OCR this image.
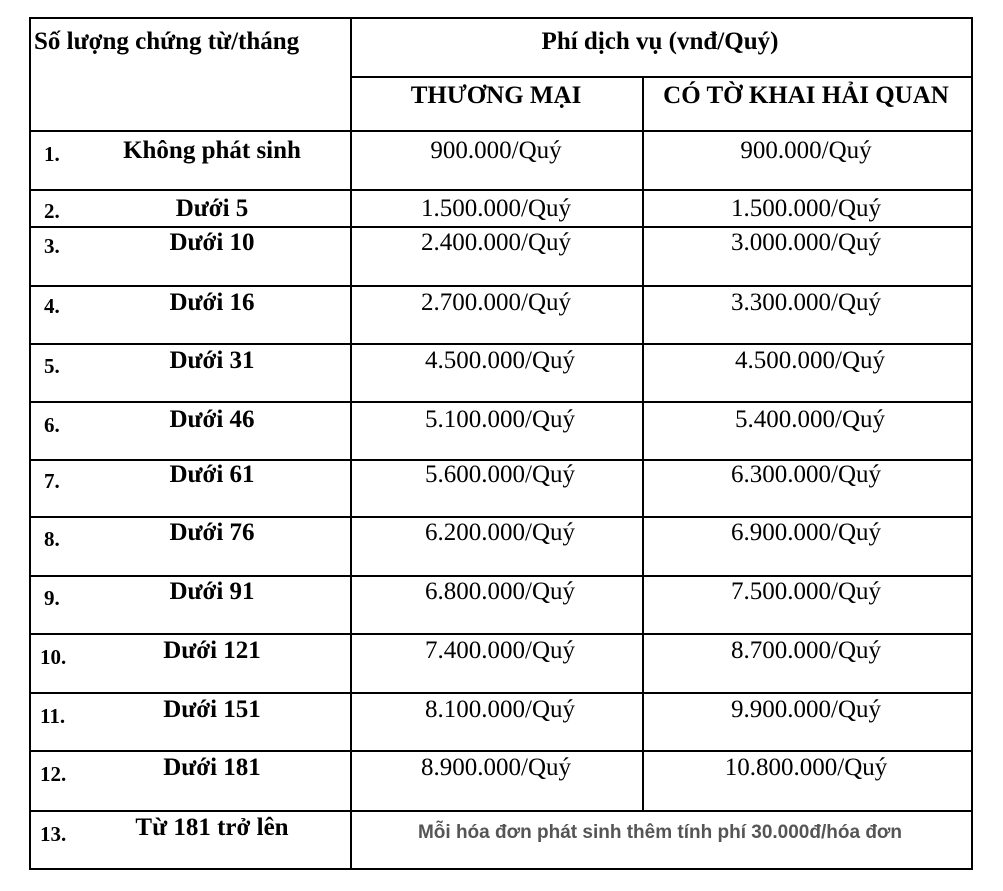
Số lượng chứng từ/tháng	Phí dịch vụ (vnđ/Quý)
THƯƠNG MẠI	CÓ TỜ KHAI HẢI QUAN
1.	Không phát sinh	900.000/Quý	900.000/Quý
2.	Dưới 5	1.500.000/Quý	1.500.000/Quý
3.	Dưới 10	2.400.000/Quý	3.000.000/Quý
4.	Dưới 16	2.700.000/Quý	3.300.000/Quý
5.	Dưới 31	4.500.000/Quý	4.500.000/Quý
6.	Dưới 46	5.100.000/Quý	5.400.000/Quý
7.	Dưới 61	5.600.000/Quý	6.300.000/Quý
8.	Dưới 76	6.200.000/Quý	6.900.000/Quý
9.	Dưới 91	6.800.000/Quý	7.500.000/Quý
10.	Dưới 121	7.400.000/Quý	8.700.000/Quý
11.	Dưới 151	8.100.000/Quý	9.900.000/Quý
12.	Dưới 181	8.900.000/Quý	10.800.000/Quý
13.	Từ 181 trở lên	Mỗi hóa đơn phát sinh thêm tính phí 30.000đ/hóa đơn
